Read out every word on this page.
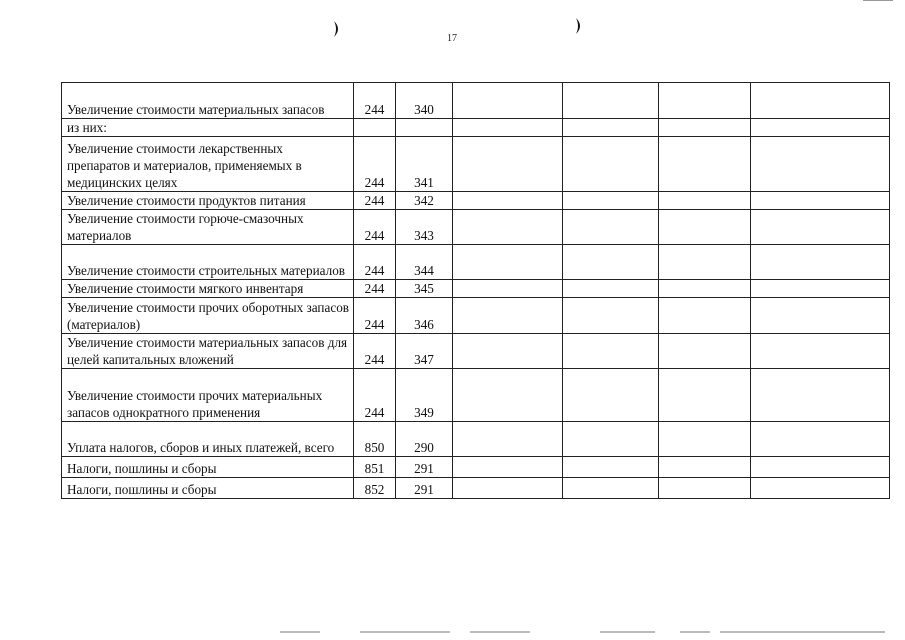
17
Увеличение стоимости материальных запасов	244	340				
из них:						
Увеличение стоимости лекарственных препаратов и материалов, применяемых в медицинских целях	244	341				
Увеличение стоимости продуктов питания	244	342				
Увеличение стоимости горюче-смазочных материалов	244	343				
Увеличение стоимости строительных материалов	244	344				
Увеличение стоимости мягкого инвентаря	244	345				
Увеличение стоимости прочих оборотных запасов (материалов)	244	346				
Увеличение стоимости материальных запасов для целей капитальных вложений	244	347				
Увеличение стоимости прочих материальных запасов однократного применения	244	349				
Уплата налогов, сборов и иных платежей, всего	850	290				
Налоги, пошлины и сборы	851	291				
Налоги, пошлины и сборы	852	291				
